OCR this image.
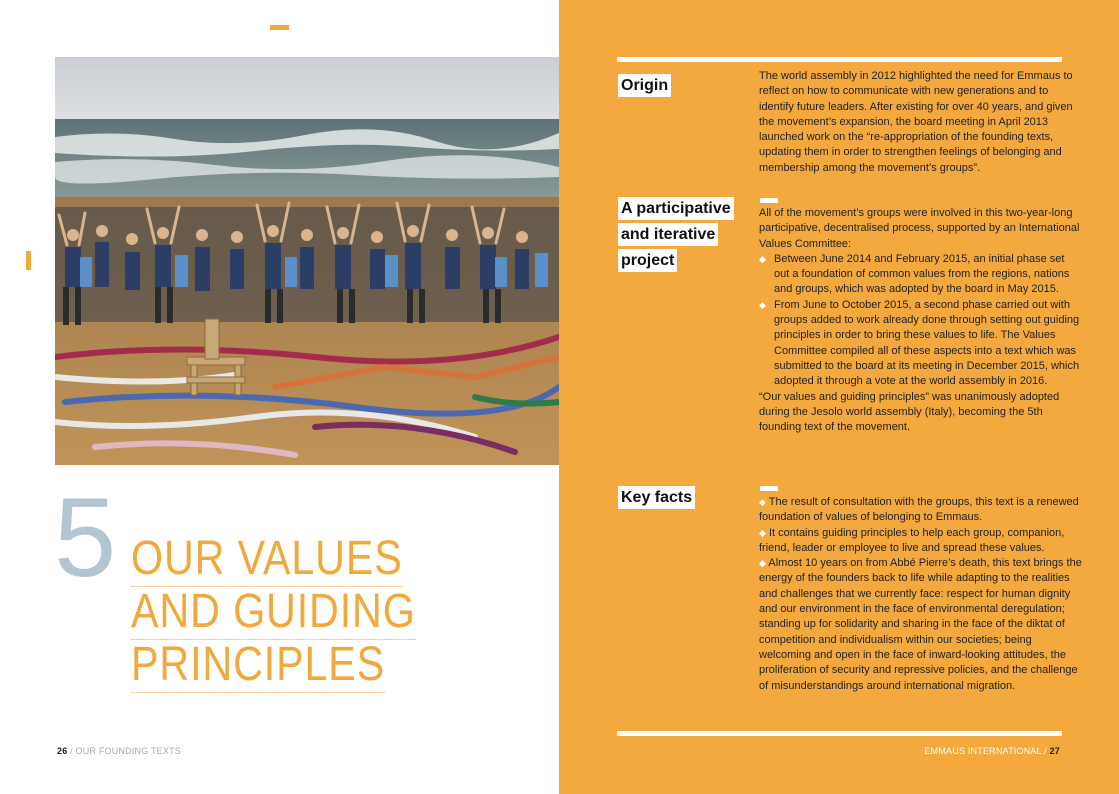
5 OUR VALUES
AND GUIDING
PRINCIPLES
26 / OUR FOUNDING TEXTS
Origin

The world assembly in 2012 highlighted the need for Emmaus to reflect on how to communicate with new generations and to identify future leaders. After existing for over 40 years, and given the movement’s expansion, the board meeting in April 2013 launched work on the “re-appropriation of the founding texts, updating them in order to strengthen feelings of belonging and membership among the movement’s groups”.

A participative
and iterative
project

All of the movement’s groups were involved in this two-year-long participative, decentralised process, supported by an International Values Committee:

◆ Between June 2014 and February 2015, an initial phase set out a foundation of common values from the regions, nations and groups, which was adopted by the board in May 2015.

◆ From June to October 2015, a second phase carried out with groups added to work already done through setting out guiding principles in order to bring these values to life. The Values Committee compiled all of these aspects into a text which was submitted to the board at its meeting in December 2015, which adopted it through a vote at the world assembly in 2016.

“Our values and guiding principles” was unanimously adopted during the Jesolo world assembly (Italy), becoming the 5th founding text of the movement.

Key facts	◆ The result of consultation with the groups, this text is a renewed foundation of values of belonging to Emmaus.

◆ It contains guiding principles to help each group, companion, friend, leader or employee to live and spread these values.

◆ Almost 10 years on from Abbé Pierre’s death, this text brings the energy of the founders back to life while adapting to the realities and challenges that we currently face: respect for human dignity and our environment in the face of environmental deregulation; standing up for solidarity and sharing in the face of the diktat of competition and individualism within our societies; being welcoming and open in the face of inward-looking attitudes, the proliferation of security and repressive policies, and the challenge of misunderstandings around international migration.

EMMAUS INTERNATIONAL / 27
